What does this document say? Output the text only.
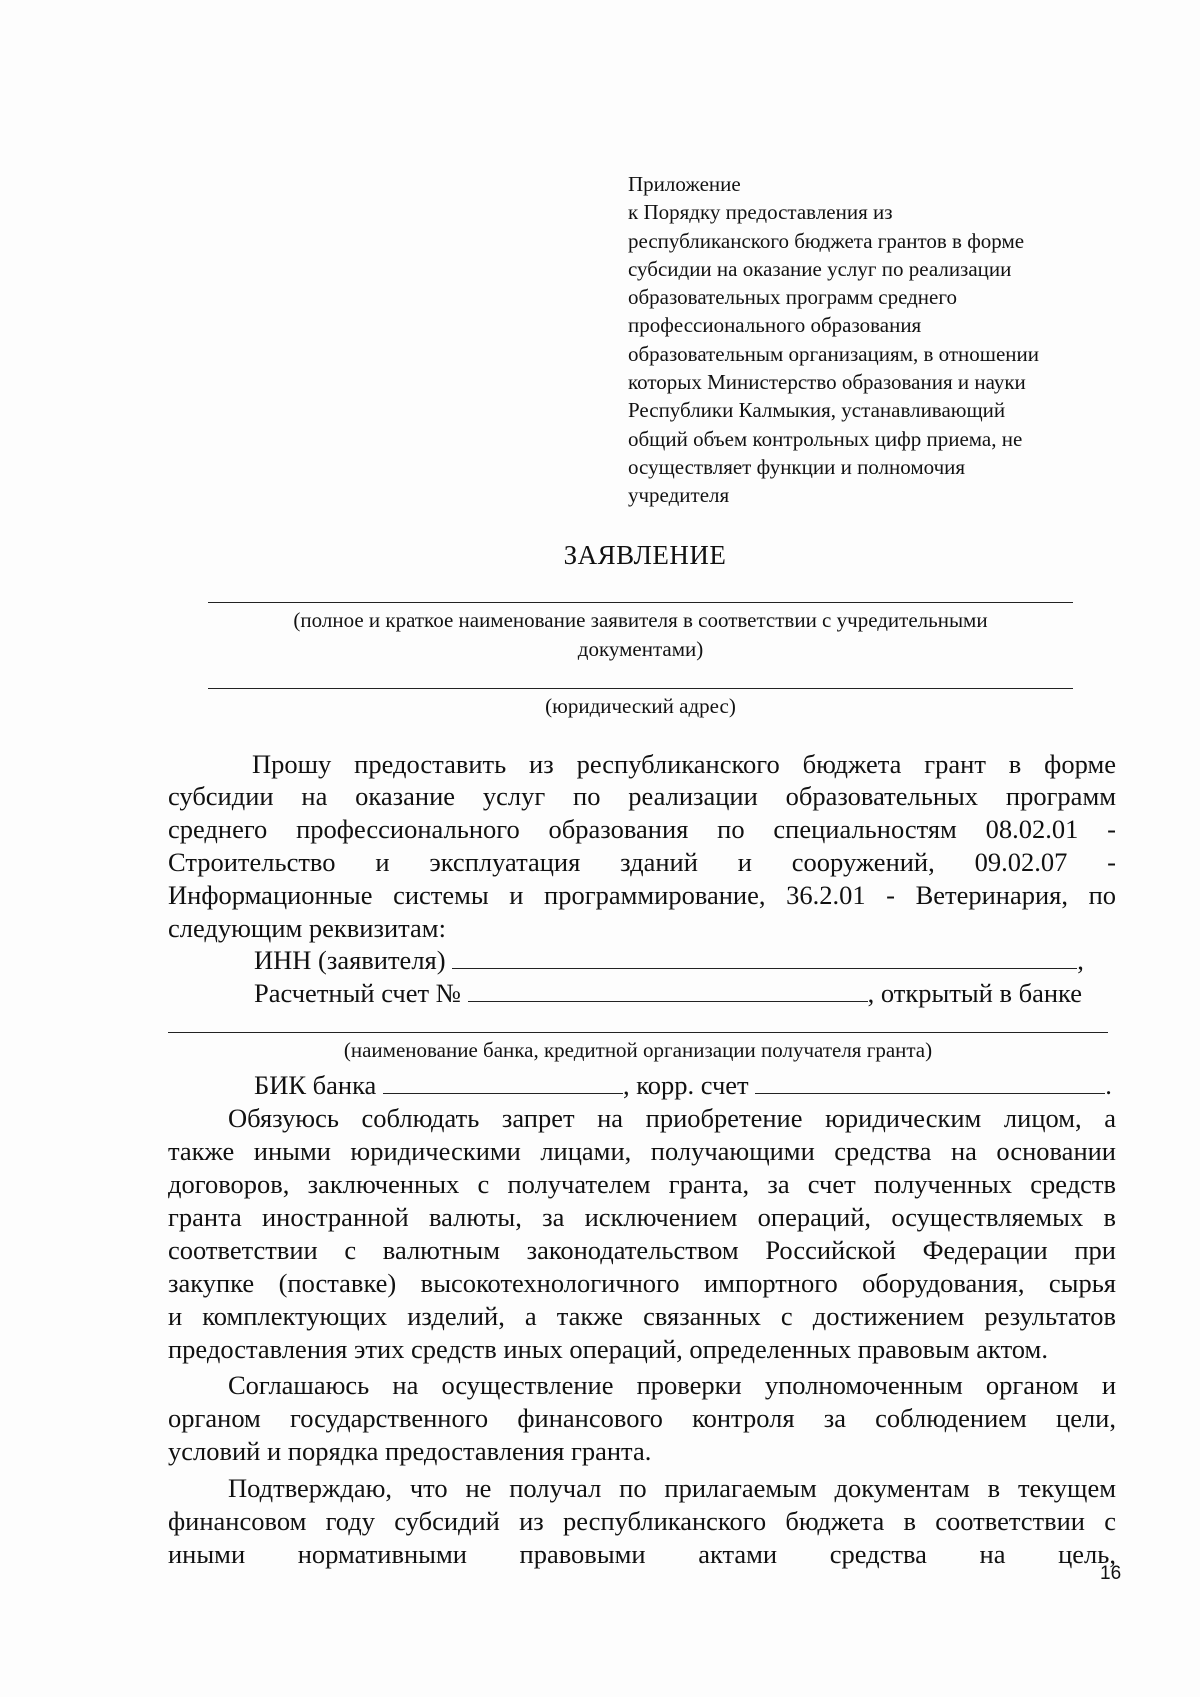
Приложение
к Порядку предоставления из
республиканского бюджета грантов в форме
субсидии на оказание услуг по реализации
образовательных программ среднего
профессионального образования
образовательным организациям, в отношении
которых Министерство образования и науки
Республики Калмыкия, устанавливающий
общий объем контрольных цифр приема, не
осуществляет функции и полномочия
учредителя
ЗАЯВЛЕНИЕ
(полное и краткое наименование заявителя в соответствии с учредительными
документами)
(юридический адрес)
Прошу предоставить из республиканского бюджета грант в форме
субсидии на оказание услуг по реализации образовательных программ
среднего профессионального образования по специальностям 08.02.01 -
Строительство и эксплуатация зданий и сооружений, 09.02.07 -
Информационные системы и программирование, 36.2.01 - Ветеринария, по
следующим реквизитам:
ИНН (заявителя)	,
Расчетный счет №	, открытый в банке
(наименование банка, кредитной организации получателя гранта)
БИК банка	, корр. счет	.
Обязуюсь соблюдать запрет на приобретение юридическим лицом, а
также иными юридическими лицами, получающими средства на основании
договоров, заключенных с получателем гранта, за счет полученных средств
гранта иностранной валюты, за исключением операций, осуществляемых в
соответствии с валютным законодательством Российской Федерации при
закупке (поставке) высокотехнологичного импортного оборудования, сырья
и комплектующих изделий, а также связанных с достижением результатов
предоставления этих средств иных операций, определенных правовым актом.
Соглашаюсь на осуществление проверки уполномоченным органом и
органом государственного финансового контроля за соблюдением цели,
условий и порядка предоставления гранта.
Подтверждаю, что не получал по прилагаемым документам в текущем
финансовом году субсидий из республиканского бюджета в соответствии с
иными нормативными правовыми актами средства на цель,
16
